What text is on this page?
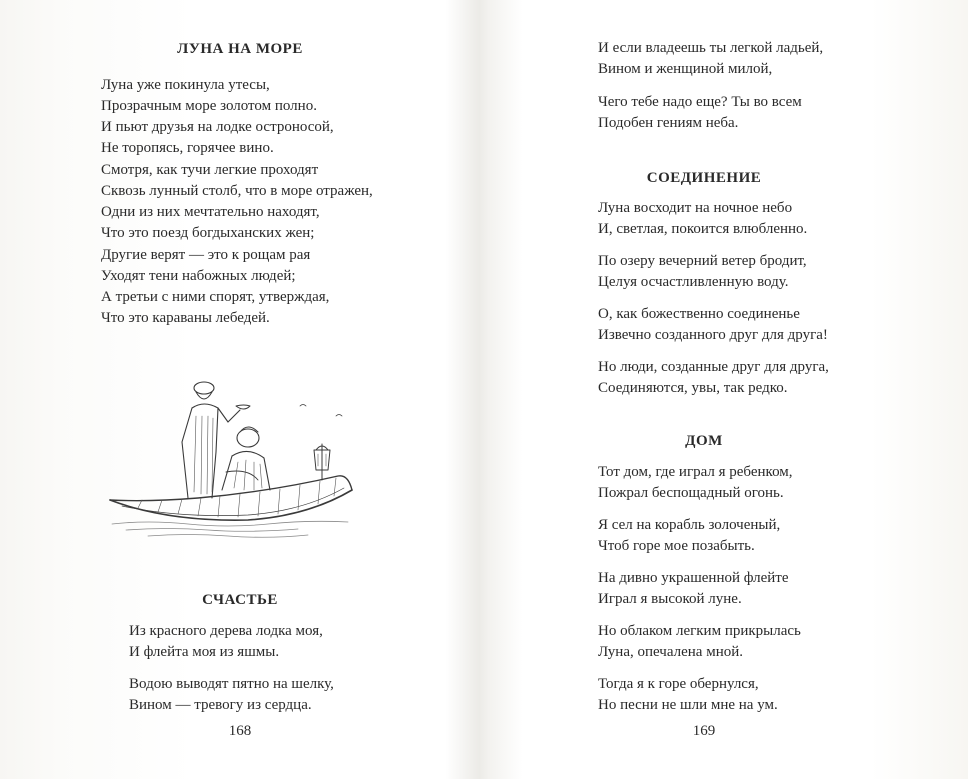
ЛУНА НА МОРЕ
Луна уже покинула утесы,
Прозрачным море золотом полно.
И пьют друзья на лодке остроносой,
Не торопясь, горячее вино.
Смотря, как тучи легкие проходят
Сквозь лунный столб, что в море отражен,
Одни из них мечтательно находят,
Что это поезд богдыханских жен;
Другие верят — это к рощам рая
Уходят тени набожных людей;
А третьи с ними спорят, утверждая,
Что это караваны лебедей.
СЧАСТЬЕ
Из красного дерева лодка моя,
И флейта моя из яшмы.
Водою выводят пятно на шелку,
Вином — тревогу из сердца.
168
И если владеешь ты легкой ладьей,
Вином и женщиной милой,
Чего тебе надо еще? Ты во всем
Подобен гениям неба.
СОЕДИНЕНИЕ
Луна восходит на ночное небо
И, светлая, покоится влюбленно.
По озеру вечерний ветер бродит,
Целуя осчастливленную воду.
О, как божественно соединенье
Извечно созданного друг для друга!
Но люди, созданные друг для друга,
Соединяются, увы, так редко.
ДОМ
Тот дом, где играл я ребенком,
Пожрал беспощадный огонь.
Я сел на корабль золоченый,
Чтоб горе мое позабыть.
На дивно украшенной флейте
Играл я высокой луне.
Но облаком легким прикрылась
Луна, опечалена мной.
Тогда я к горе обернулся,
Но песни не шли мне на ум.
169
